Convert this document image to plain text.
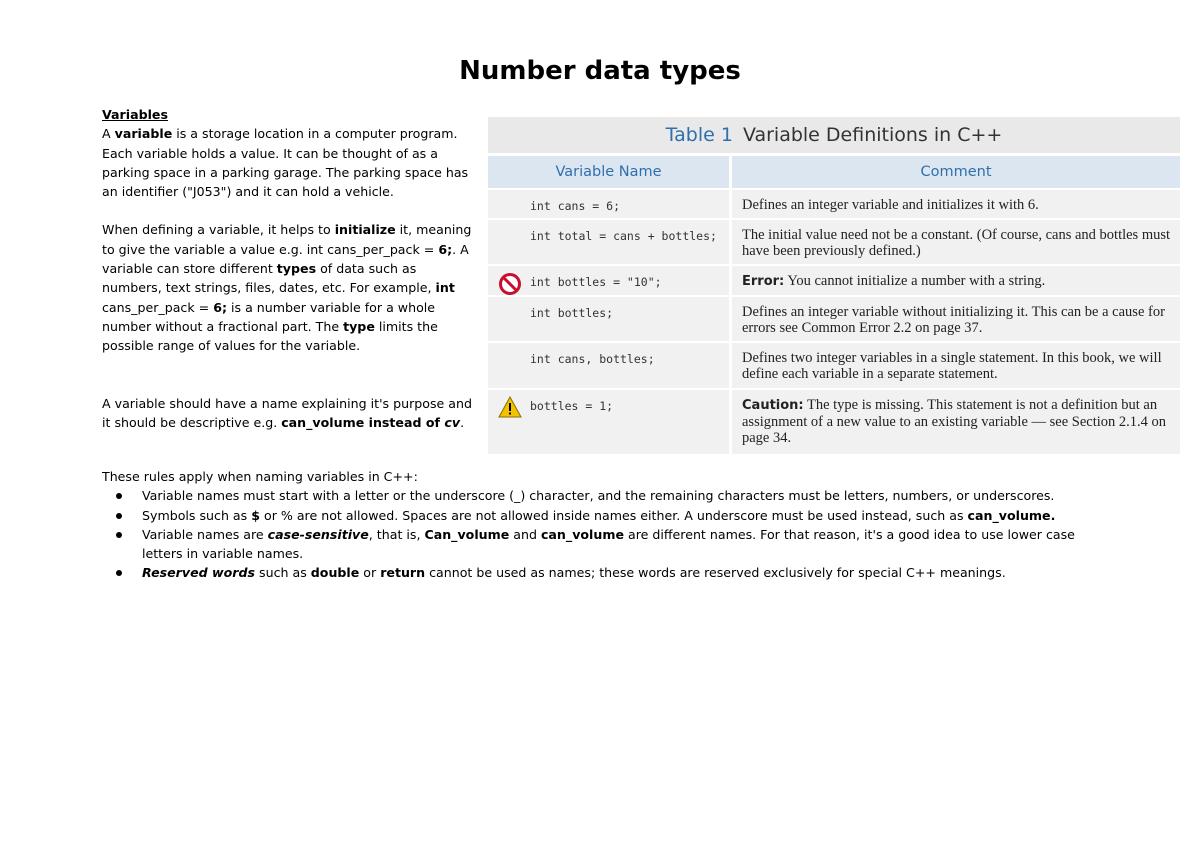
Number data types

Variables

A variable is a storage location in a computer program. Each variable holds a value. It can be thought of as a parking space in a parking garage. The parking space has an identifier ("J053") and it can hold a vehicle.

When defining a variable, it helps to initialize it, meaning to give the variable a value e.g. int cans_per_pack = 6;. A variable can store different types of data such as numbers, text strings, files, dates, etc. For example, int cans_per_pack = 6; is a number variable for a whole number without a fractional part. The type limits the possible range of values for the variable.

A variable should have a name explaining it's purpose and it should be descriptive e.g. can_volume instead of cv.

Table 1 Variable Definitions in C++
Variable Name	Comment
int cans = 6;	Defines an integer variable and initializes it with 6.
int total = cans + bottles;	The initial value need not be a constant. (Of course, cans and bottles must have been previously defined.)
int bottles = "10";	Error: You cannot initialize a number with a string.
int bottles;	Defines an integer variable without initializing it. This can be a cause for errors see Common Error 2.2 on page 37.
int cans, bottles;	Defines two integer variables in a single statement. In this book, we will define each variable in a separate statement.
bottles = 1;	Caution: The type is missing. This statement is not a definition but an assignment of a new value to an existing variable — see Section 2.1.4 on page 34.

These rules apply when naming variables in C++:

Variable names must start with a letter or the underscore (_) character, and the remaining characters must be letters, numbers, or underscores.
Symbols such as $ or % are not allowed. Spaces are not allowed inside names either. A underscore must be used instead, such as can_volume.
Variable names are case-sensitive, that is, Can_volume and can_volume are different names. For that reason, it's a good idea to use lower case letters in variable names.
Reserved words such as double or return cannot be used as names; these words are reserved exclusively for special C++ meanings.
